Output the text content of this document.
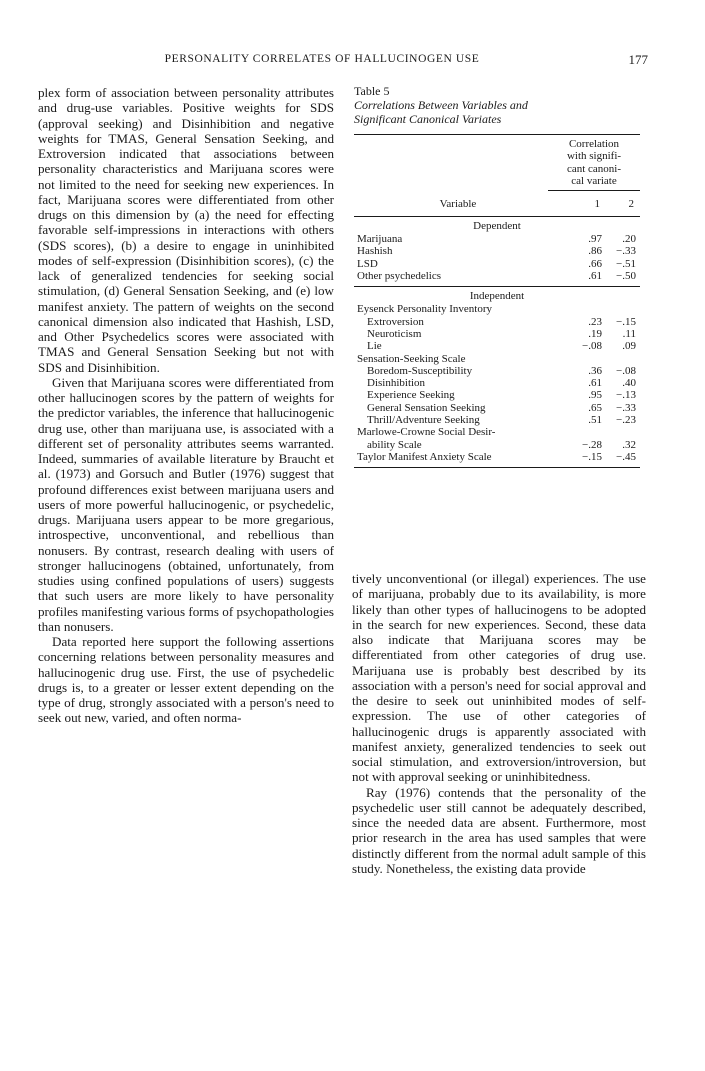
PERSONALITY CORRELATES OF HALLUCINOGEN USE	177

plex form of association between personality attributes and drug-use variables. Positive weights for SDS (approval seeking) and Disinhibition and negative weights for TMAS, General Sensation Seeking, and Extroversion indicated that associations between personality characteristics and Marijuana scores were not limited to the need for seeking new experiences. In fact, Marijuana scores were differentiated from other drugs on this dimension by (a) the need for effecting favorable self-impressions in interactions with others (SDS scores), (b) a desire to engage in uninhibited modes of self-expression (Disinhibition scores), (c) the lack of generalized tendencies for seeking social stimulation, (d) General Sensation Seeking, and (e) low manifest anxiety. The pattern of weights on the second canonical dimension also indicated that Hashish, LSD, and Other Psychedelics scores were associated with TMAS and General Sensation Seeking but not with SDS and Disinhibition.

Given that Marijuana scores were differentiated from other hallucinogen scores by the pattern of weights for the predictor variables, the inference that hallucinogenic drug use, other than marijuana use, is associated with a different set of personality attributes seems warranted. Indeed, summaries of available literature by Braucht et al. (1973) and Gorsuch and Butler (1976) suggest that profound differences exist between marijuana users and users of more powerful hallucinogenic, or psychedelic, drugs. Marijuana users appear to be more gregarious, introspective, unconventional, and rebellious than nonusers. By contrast, research dealing with users of stronger hallucinogens (obtained, unfortunately, from studies using confined populations of users) suggests that such users are more likely to have personality profiles manifesting various forms of psychopathologies than nonusers.

Data reported here support the following assertions concerning relations between personality measures and hallucinogenic drug use. First, the use of psychedelic drugs is, to a greater or lesser extent depending on the type of drug, strongly associated with a person's need to seek out new, varied, and often norma-

Table 5
Correlations Between Variables and
Significant Canonical Variates
Correlation
with signifi-
cant canoni-
cal variate
Variable	1	2
Dependent
Marijuana	.97	.20
Hashish	.86	−.33
LSD	.66	−.51
Other psychedelics	.61	−.50
Independent
Eysenck Personality Inventory		
Extroversion	.23	−.15
Neuroticism	.19	.11
Lie	−.08	.09
Sensation-Seeking Scale		
Boredom-Susceptibility	.36	−.08
Disinhibition	.61	.40
Experience Seeking	.95	−.13
General Sensation Seeking	.65	−.33
Thrill/Adventure Seeking	.51	−.23
Marlowe-Crowne Social Desir-		
ability Scale	−.28	.32
Taylor Manifest Anxiety Scale	−.15	−.45

tively unconventional (or illegal) experiences. The use of marijuana, probably due to its availability, is more likely than other types of hallucinogens to be adopted in the search for new experiences. Second, these data also indicate that Marijuana scores may be differentiated from other categories of drug use. Marijuana use is probably best described by its association with a person's need for social approval and the desire to seek out uninhibited modes of self-expression. The use of other categories of hallucinogenic drugs is apparently associated with manifest anxiety, generalized tendencies to seek out social stimulation, and extroversion/introversion, but not with approval seeking or uninhibitedness.

Ray (1976) contends that the personality of the psychedelic user still cannot be adequately described, since the needed data are absent. Furthermore, most prior research in the area has used samples that were distinctly different from the normal adult sample of this study. Nonetheless, the existing data provide
